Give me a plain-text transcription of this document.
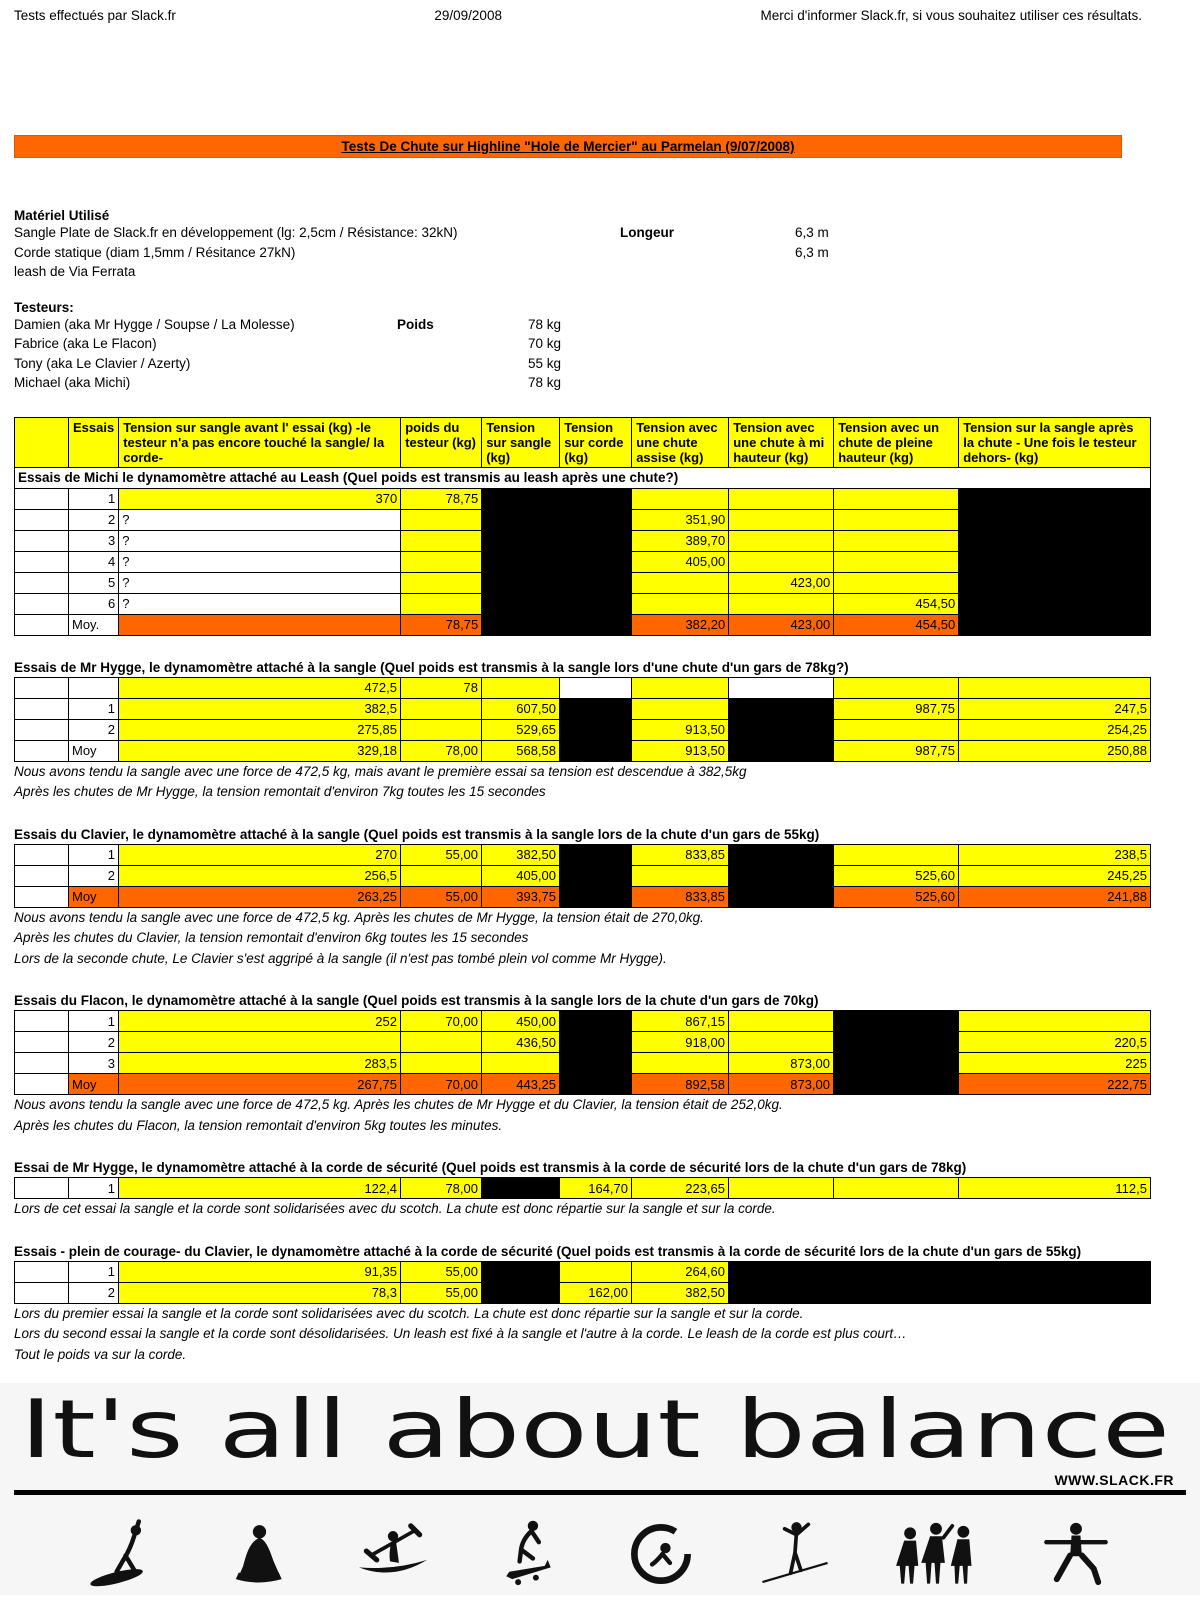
Tests effectués par Slack.fr	29/09/2008	Merci d'informer Slack.fr, si vous souhaitez utiliser ces résultats.
Tests De Chute sur Highline "Hole de Mercier" au Parmelan (9/07/2008)
Matériel Utilisé
Sangle Plate de Slack.fr en développement (lg: 2,5cm / Résistance: 32kN)	Longeur	6,3 m
Corde statique (diam 1,5mm / Résitance 27kN)	6,3 m
leash de Via Ferrata
Testeurs:
Damien (aka Mr Hygge / Soupse / La Molesse)	Poids	78 kg
Fabrice (aka Le Flacon)	70 kg
Tony (aka Le Clavier / Azerty)	55 kg
Michael (aka Michi)	78 kg
	Essais	Tension sur sangle avant l' essai (kg) -le testeur n'a pas encore touché la sangle/ la corde-	poids du testeur (kg)	Tension sur sangle (kg)	Tension sur corde (kg)	Tension avec une chute assise (kg)	Tension avec une chute à mi hauteur (kg)	Tension avec un chute de pleine hauteur (kg)	Tension sur la sangle après la chute - Une fois le testeur dehors- (kg)
Essais de Michi le dynamomètre attaché au Leash (Quel poids est transmis au leash après une chute?)									
	1	370	78,75						
	2	?				351,90			
	3	?				389,70			
	4	?				405,00			
	5	?					423,00		
	6	?						454,50	
	Moy.		78,75			382,20	423,00	454,50	
Essais de Mr Hygge, le dynamomètre attaché à la sangle (Quel poids est transmis à la sangle lors d'une chute d'un gars de 78kg?)
		472,5	78						
	1	382,5		607,50				987,75	247,5
	2	275,85		529,65		913,50			254,25
	Moy	329,18	78,00	568,58		913,50		987,75	250,88
Nous avons tendu la sangle avec une force de 472,5 kg, mais avant le première essai sa tension est descendue à 382,5kg
Après les chutes de Mr Hygge, la tension remontait d'environ 7kg toutes les 15 secondes
Essais du Clavier, le dynamomètre attaché à la sangle (Quel poids est transmis à la sangle lors de la chute d'un gars de 55kg)
	1	270	55,00	382,50		833,85			238,5
	2	256,5		405,00				525,60	245,25
	Moy	263,25	55,00	393,75		833,85		525,60	241,88
Nous avons tendu la sangle avec une force de 472,5 kg. Après les chutes de Mr Hygge, la tension était de 270,0kg.
Après les chutes du Clavier, la tension remontait d'environ 6kg toutes les 15 secondes
Lors de la seconde chute, Le Clavier s'est aggripé à la sangle (il n'est pas tombé plein vol comme Mr Hygge).
Essais du Flacon, le dynamomètre attaché à la sangle (Quel poids est transmis à la sangle lors de la chute d'un gars de 70kg)
	1	252	70,00	450,00		867,15			
	2			436,50		918,00			220,5
	3	283,5					873,00		225
	Moy	267,75	70,00	443,25		892,58	873,00		222,75
Nous avons tendu la sangle avec une force de 472,5 kg. Après les chutes de Mr Hygge et du Clavier, la tension était de 252,0kg.
Après les chutes du Flacon, la tension remontait d'environ 5kg toutes les minutes.
Essai de Mr Hygge, le dynamomètre attaché à la corde de sécurité (Quel poids est transmis à la corde de sécurité lors de la chute d'un gars de 78kg)
	1	122,4	78,00		164,70	223,65			112,5
Lors de cet essai la sangle et la corde sont solidarisées avec du scotch. La chute est donc répartie sur la sangle et sur la corde.
Essais - plein de courage- du Clavier, le dynamomètre attaché à la corde de sécurité (Quel poids est transmis à la corde de sécurité lors de la chute d'un gars de 55kg)
	1	91,35	55,00			264,60			
	2	78,3	55,00		162,00	382,50			
Lors du premier essai la sangle et la corde sont solidarisées avec du scotch. La chute est donc répartie sur la sangle et sur la corde.
Lors du second essai la sangle et la corde sont désolidarisées. Un leash est fixé à la sangle et l'autre à la corde. Le leash de la corde est plus court…
Tout le poids va sur la corde.
It's all about balance
WWW.SLACK.FR
